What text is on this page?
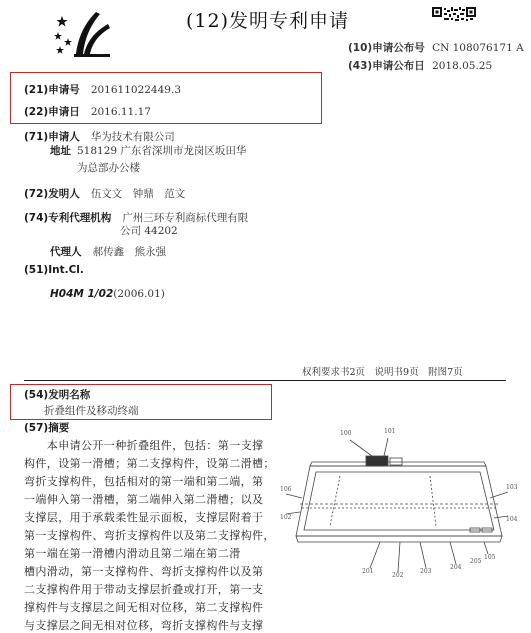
(12)发明专利申请
(10)申请公布号 CN 108076171 A
(43)申请公布日 2018.05.25
(21)申请号 201611022449.3
(22)申请日 2016.11.17
(71)申请人 华为技术有限公司
地址 518129 广东省深圳市龙岗区坂田华
为总部办公楼
(72)发明人 伍文文　钟鼎　范文
(74)专利代理机构 广州三环专利商标代理有限
公司 44202
代理人 郝传鑫　熊永强
(51)Int.Cl.
H04M 1/02(2006.01)
权利要求书2页　说明书9页　附图7页
(54)发明名称
折叠组件及移动终端
(57)摘要
　　本申请公开一种折叠组件，包括：第一支撑
构件，设第一滑槽；第二支撑构件，设第二滑槽；
弯折支撑构件，包括相对的第一端和第二端，第
一端伸入第一滑槽，第二端伸入第二滑槽；以及
支撑层，用于承载柔性显示面板，支撑层附着于
第一支撑构件、弯折支撑构件以及第二支撑构件，
第一端在第一滑槽内滑动且第二端在第二滑
槽内滑动，第一支撑构件、弯折支撑构件以及第
二支撑构件用于带动支撑层折叠或打开，第一支
撑构件与支撑层之间无相对位移，第二支撑构件
与支撑层之间无相对位移，弯折支撑构件与支撑
100	101
106
102
103
104
105
201
202
203
204
205
